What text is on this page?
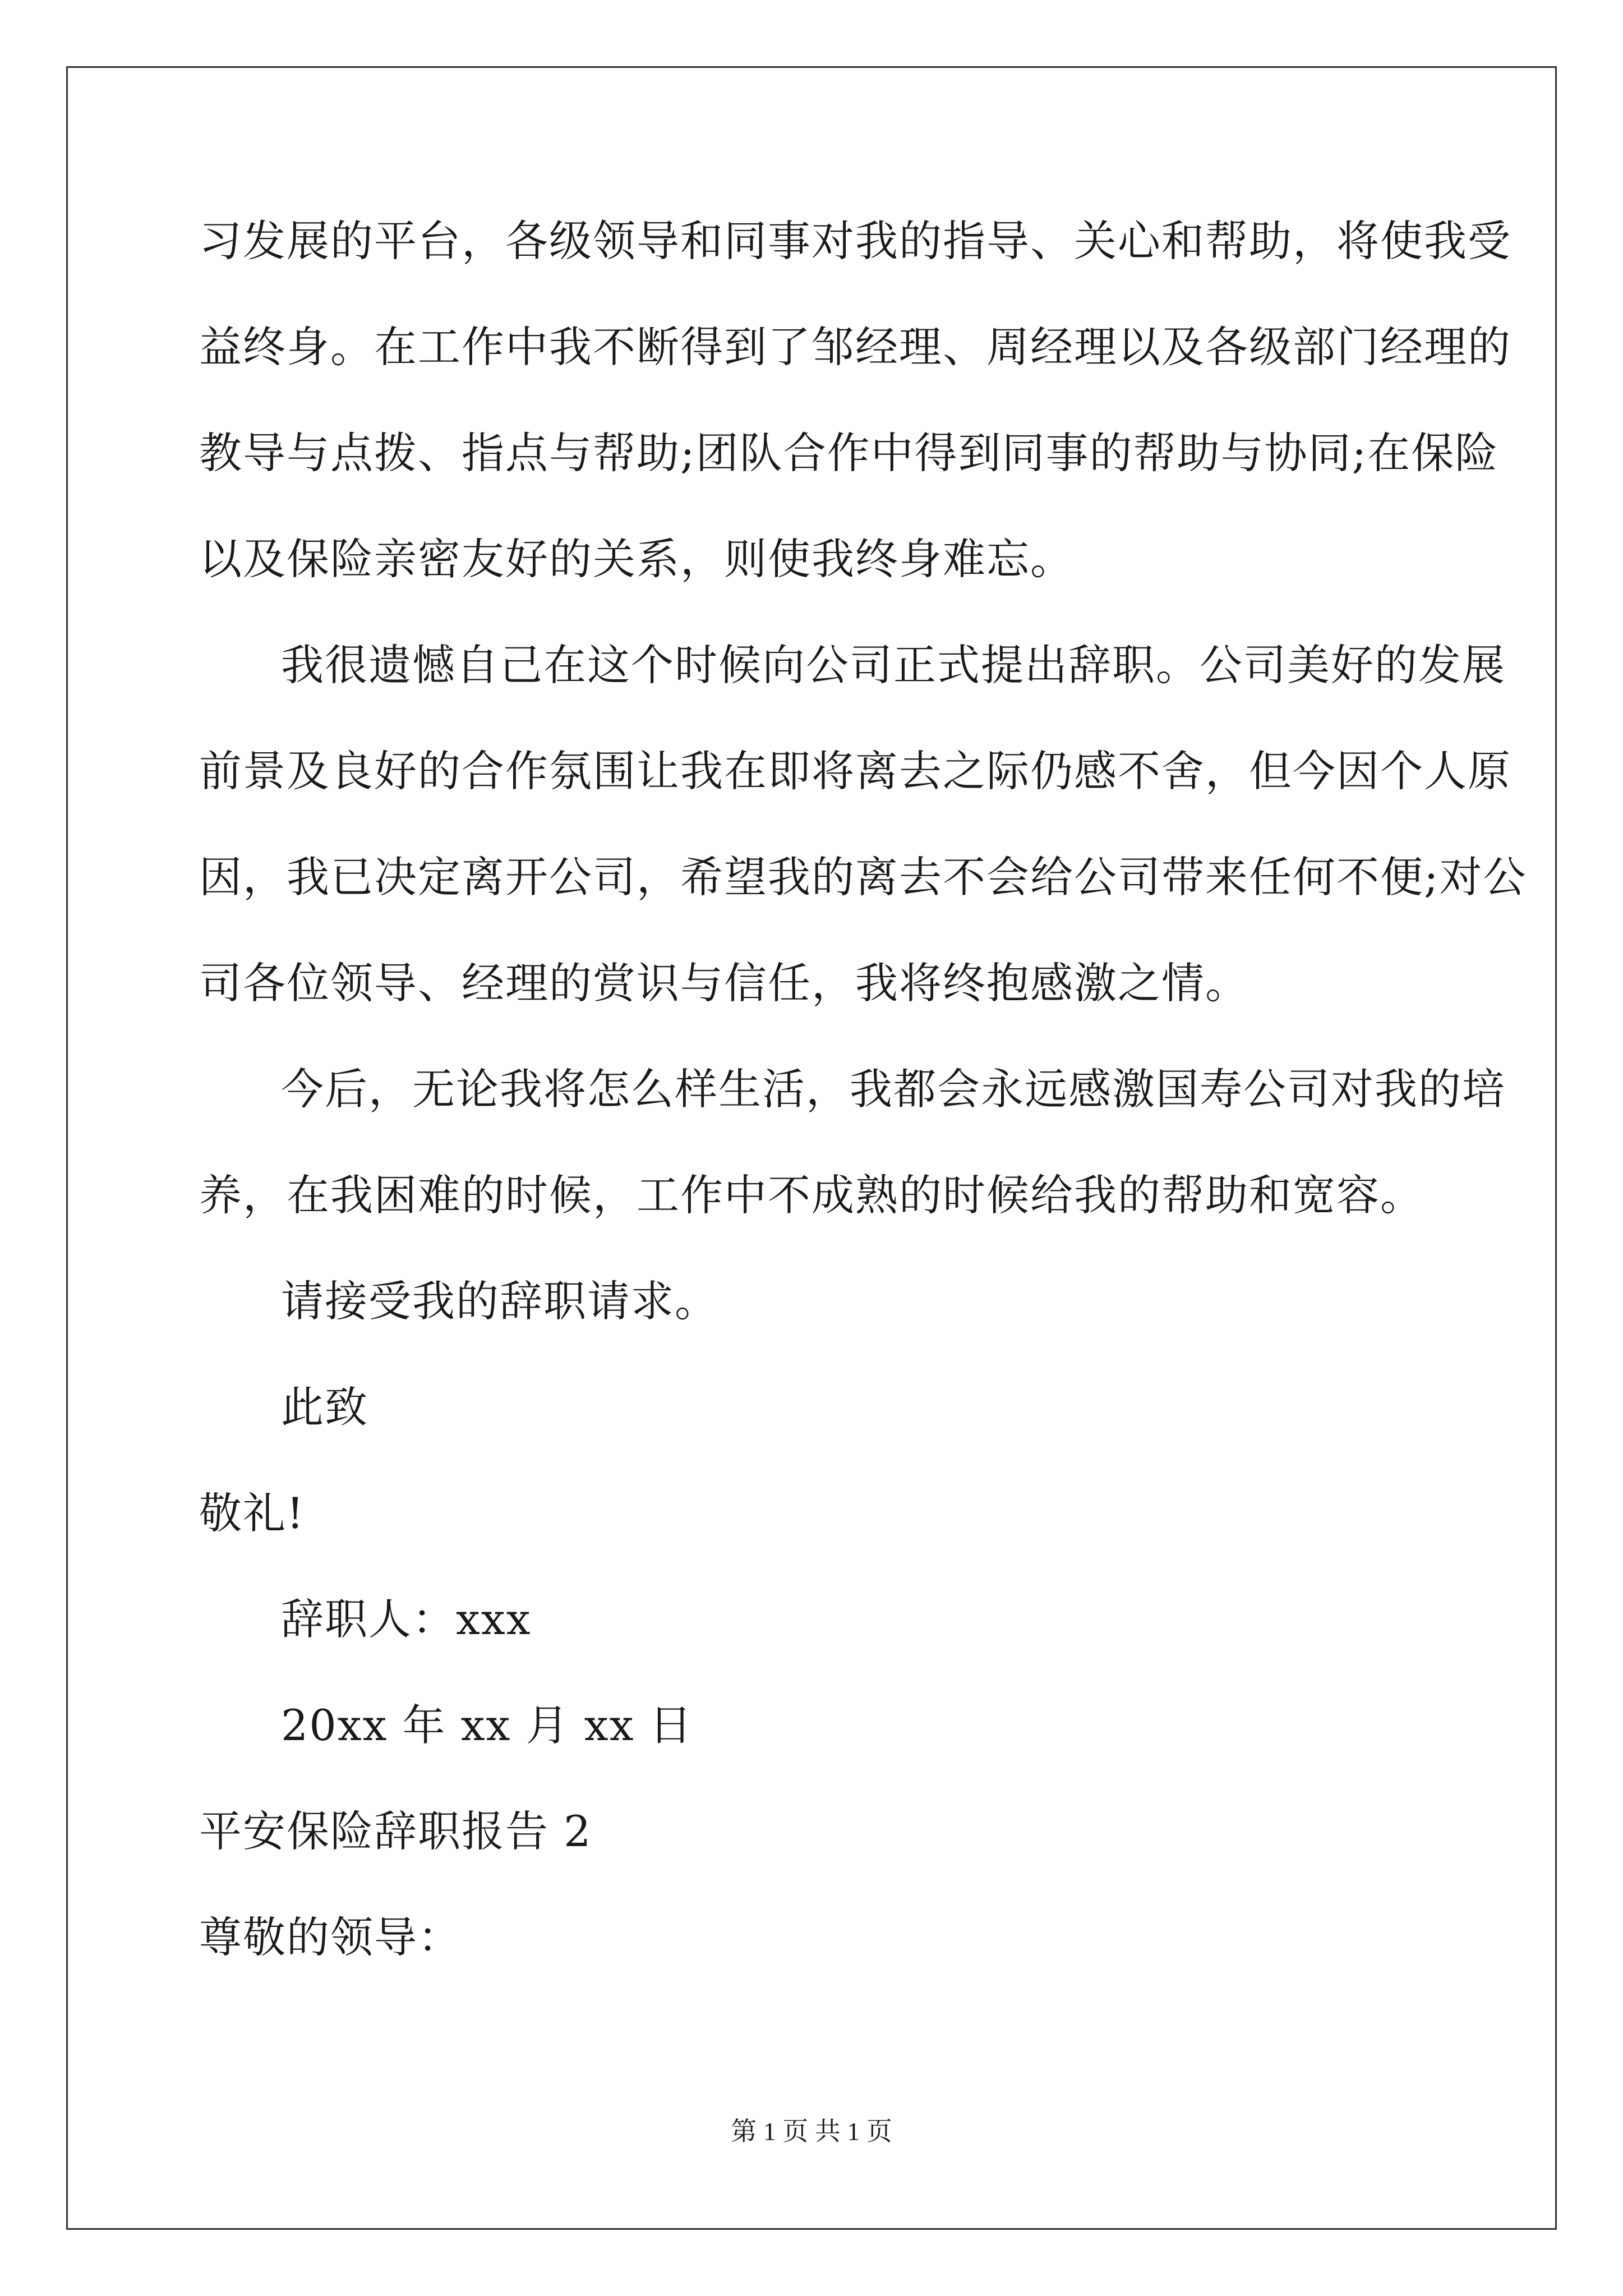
习发展的平台，各级领导和同事对我的指导、关心和帮助，将使我受
益终身。在工作中我不断得到了邹经理、周经理以及各级部门经理的
教导与点拨、指点与帮助;团队合作中得到同事的帮助与协同;在保险
以及保险亲密友好的关系，则使我终身难忘。
我很遗憾自己在这个时候向公司正式提出辞职。公司美好的发展
前景及良好的合作氛围让我在即将离去之际仍感不舍，但今因个人原
因，我已决定离开公司，希望我的离去不会给公司带来任何不便;对公
司各位领导、经理的赏识与信任，我将终抱感激之情。
今后，无论我将怎么样生活，我都会永远感激国寿公司对我的培
养，在我困难的时候，工作中不成熟的时候给我的帮助和宽容。
请接受我的辞职请求。
此致
敬礼!
辞职人：xxx
20xx 年 xx 月 xx 日
平安保险辞职报告 2
尊敬的领导：
第 1 页 共 1 页
